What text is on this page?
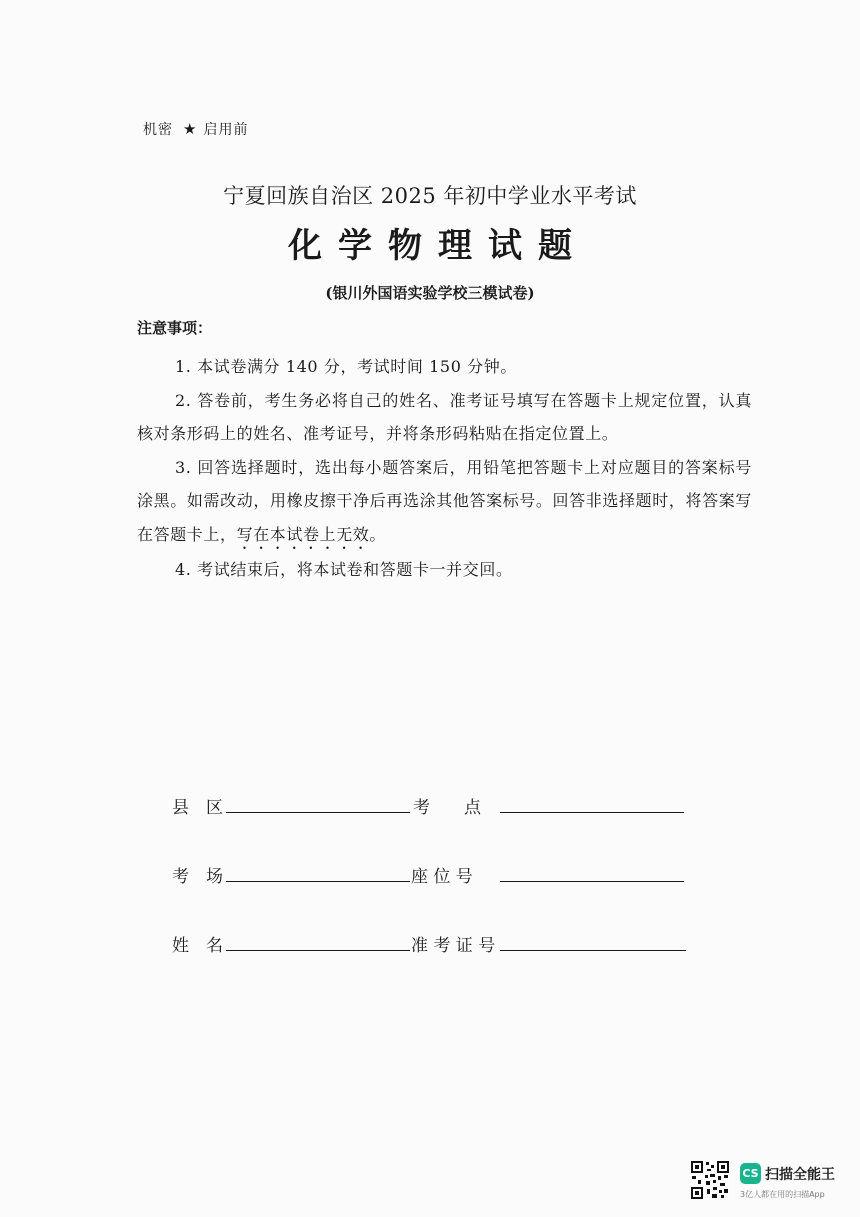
机密 ★ 启用前
宁夏回族自治区 2025 年初中学业水平考试
化学物理试题
(银川外国语实验学校三模试卷)
注意事项：

1. 本试卷满分 140 分，考试时间 150 分钟。

2. 答卷前，考生务必将自己的姓名、准考证号填写在答题卡上规定位置，认真核对条形码上的姓名、准考证号，并将条形码粘贴在指定位置上。

3. 回答选择题时，选出每小题答案后，用铅笔把答题卡上对应题目的答案标号涂黑。如需改动，用橡皮擦干净后再选涂其他答案标号。回答非选择题时，将答案写在答题卡上，写在本试卷上无效。

4. 考试结束后，将本试卷和答题卡一并交回。

县　区	考　　点
考　场	座 位 号
姓　名	准 考 证 号
CS 扫描全能王
3亿人都在用的扫描App
